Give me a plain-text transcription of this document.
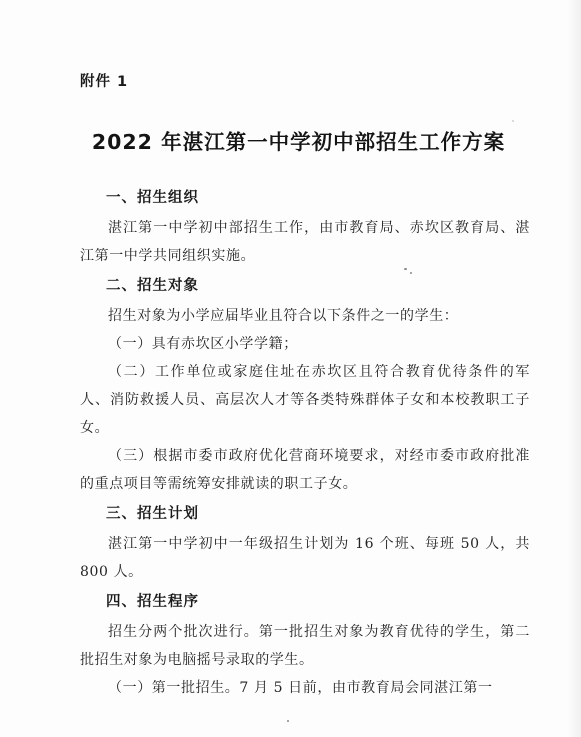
附件 1
2022 年湛江第一中学初中部招生工作方案
一、招生组织
湛江第一中学初中部招生工作，由市教育局、赤坎区教育局、湛江第一中学共同组织实施。
二、招生对象
招生对象为小学应届毕业且符合以下条件之一的学生：
（一）具有赤坎区小学学籍；
（二）工作单位或家庭住址在赤坎区且符合教育优待条件的军人、消防救援人员、高层次人才等各类特殊群体子女和本校教职工子女。
（三）根据市委市政府优化营商环境要求，对经市委市政府批准的重点项目等需统筹安排就读的职工子女。
三、招生计划
湛江第一中学初中一年级招生计划为 16 个班、每班 50 人，共 800 人。
四、招生程序
招生分两个批次进行。第一批招生对象为教育优待的学生，第二批招生对象为电脑摇号录取的学生。
（一）第一批招生。7 月 5 日前，由市教育局会同湛江第一
